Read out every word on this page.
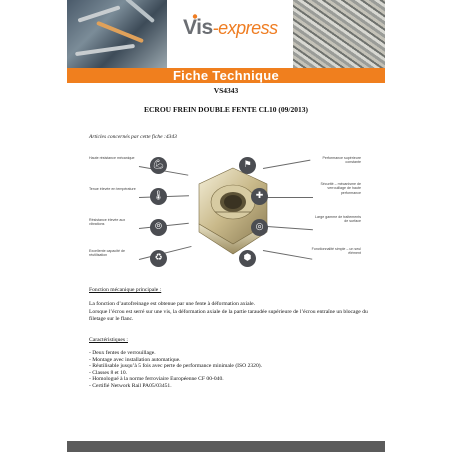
Vis-express
Fiche Technique
VS4343
ECROU FREIN DOUBLE FENTE CL10 (09/2013)
Articles concernés par cette fiche :4343
Haute résistance mécanique
💪︎
Tenue élevée en température
🌡︎
Résistance élevée aux vibrations	⦾
Excellente capacité de réutilisation	♻︎
⚑
Performance supérieure constante
✚
Sécurité – mécanisme de verrouillage de haute performance
◎
Large gamme de traitements de surface
⬢
Fonctionnalité simple – un seul élément
Fonction mécanique principale :
La fonction d’autofreinage est obtenue par une fente à déformation axiale.
Lorsque l’écrou est serré sur une vis, la déformation axiale de la partie taraudée supérieure de l’écrou entraîne un blocage du filetage sur le flanc.
Caractéristiques :
- Deux fentes de verrouillage.
- Montage avec installation automatique.
- Réutilisable jusqu’à 5 fois avec perte de performance minimale (ISO 2320).
- Classes 8 et 10.
- Homologué à la norme ferroviaire Européenne CF 00-040.
- Certifié Network Rail PA05/03451.
